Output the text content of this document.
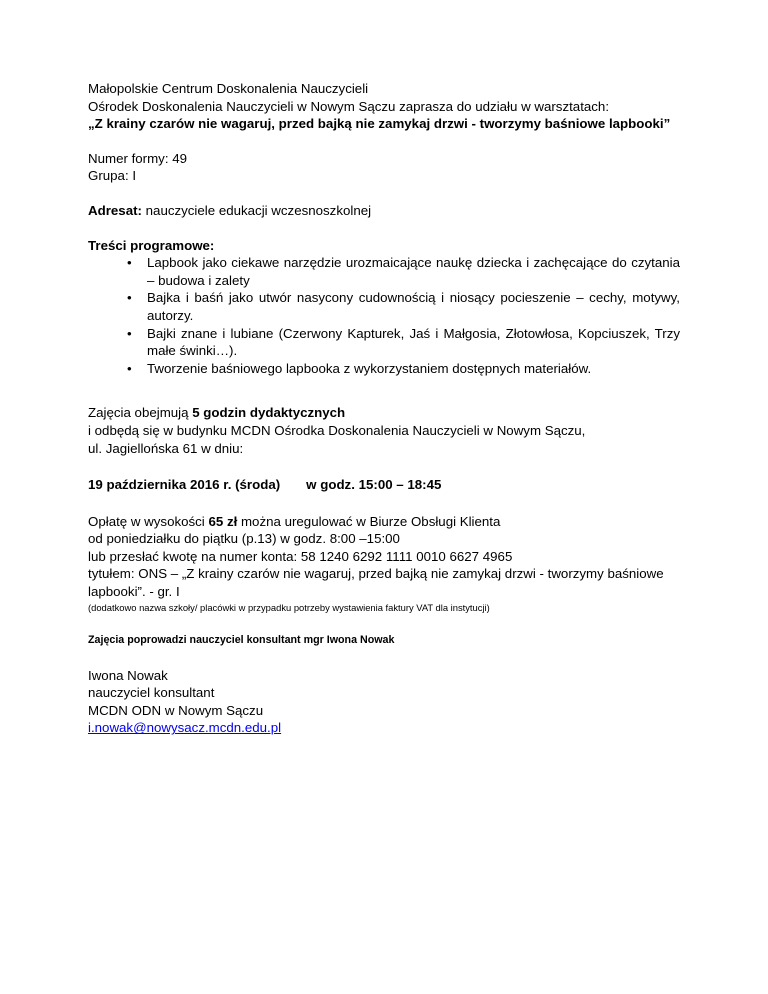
Małopolskie Centrum Doskonalenia Nauczycieli

Ośrodek Doskonalenia Nauczycieli w Nowym Sączu zaprasza do udziału w warsztatach:

„Z krainy czarów nie wagaruj, przed bajką nie zamykaj drzwi - tworzymy baśniowe lapbooki”

Numer formy: 49

Grupa: I

Adresat: nauczyciele edukacji wczesnoszkolnej

Treści programowe:

• Lapbook jako ciekawe narzędzie urozmaicające naukę dziecka i zachęcające do czytania – budowa i zalety
• Bajka i baśń jako utwór nasycony cudownością i niosący pocieszenie – cechy, motywy, autorzy.
• Bajki znane i lubiane (Czerwony Kapturek, Jaś i Małgosia, Złotowłosa, Kopciuszek, Trzy małe świnki…).
• Tworzenie baśniowego lapbooka z wykorzystaniem dostępnych materiałów.

Zajęcia obejmują 5 godzin dydaktycznych

i odbędą się w budynku MCDN Ośrodka Doskonalenia Nauczycieli w Nowym Sączu,

ul. Jagiellońska 61 w dniu:

19 października 2016 r. (środa) w godz. 15:00 – 18:45

Opłatę w wysokości 65 zł można uregulować w Biurze Obsługi Klienta

od poniedziałku do piątku (p.13) w godz. 8:00 –15:00

lub przesłać kwotę na numer konta: 58 1240 6292 1111 0010 6627 4965

tytułem: ONS – „Z krainy czarów nie wagaruj, przed bajką nie zamykaj drzwi - tworzymy baśniowe lapbooki”. - gr. I

(dodatkowo nazwa szkoły/ placówki w przypadku potrzeby wystawienia faktury VAT dla instytucji)

Zajęcia poprowadzi nauczyciel konsultant mgr Iwona Nowak

Iwona Nowak

nauczyciel konsultant

MCDN ODN w Nowym Sączu

i.nowak@nowysacz.mcdn.edu.pl
